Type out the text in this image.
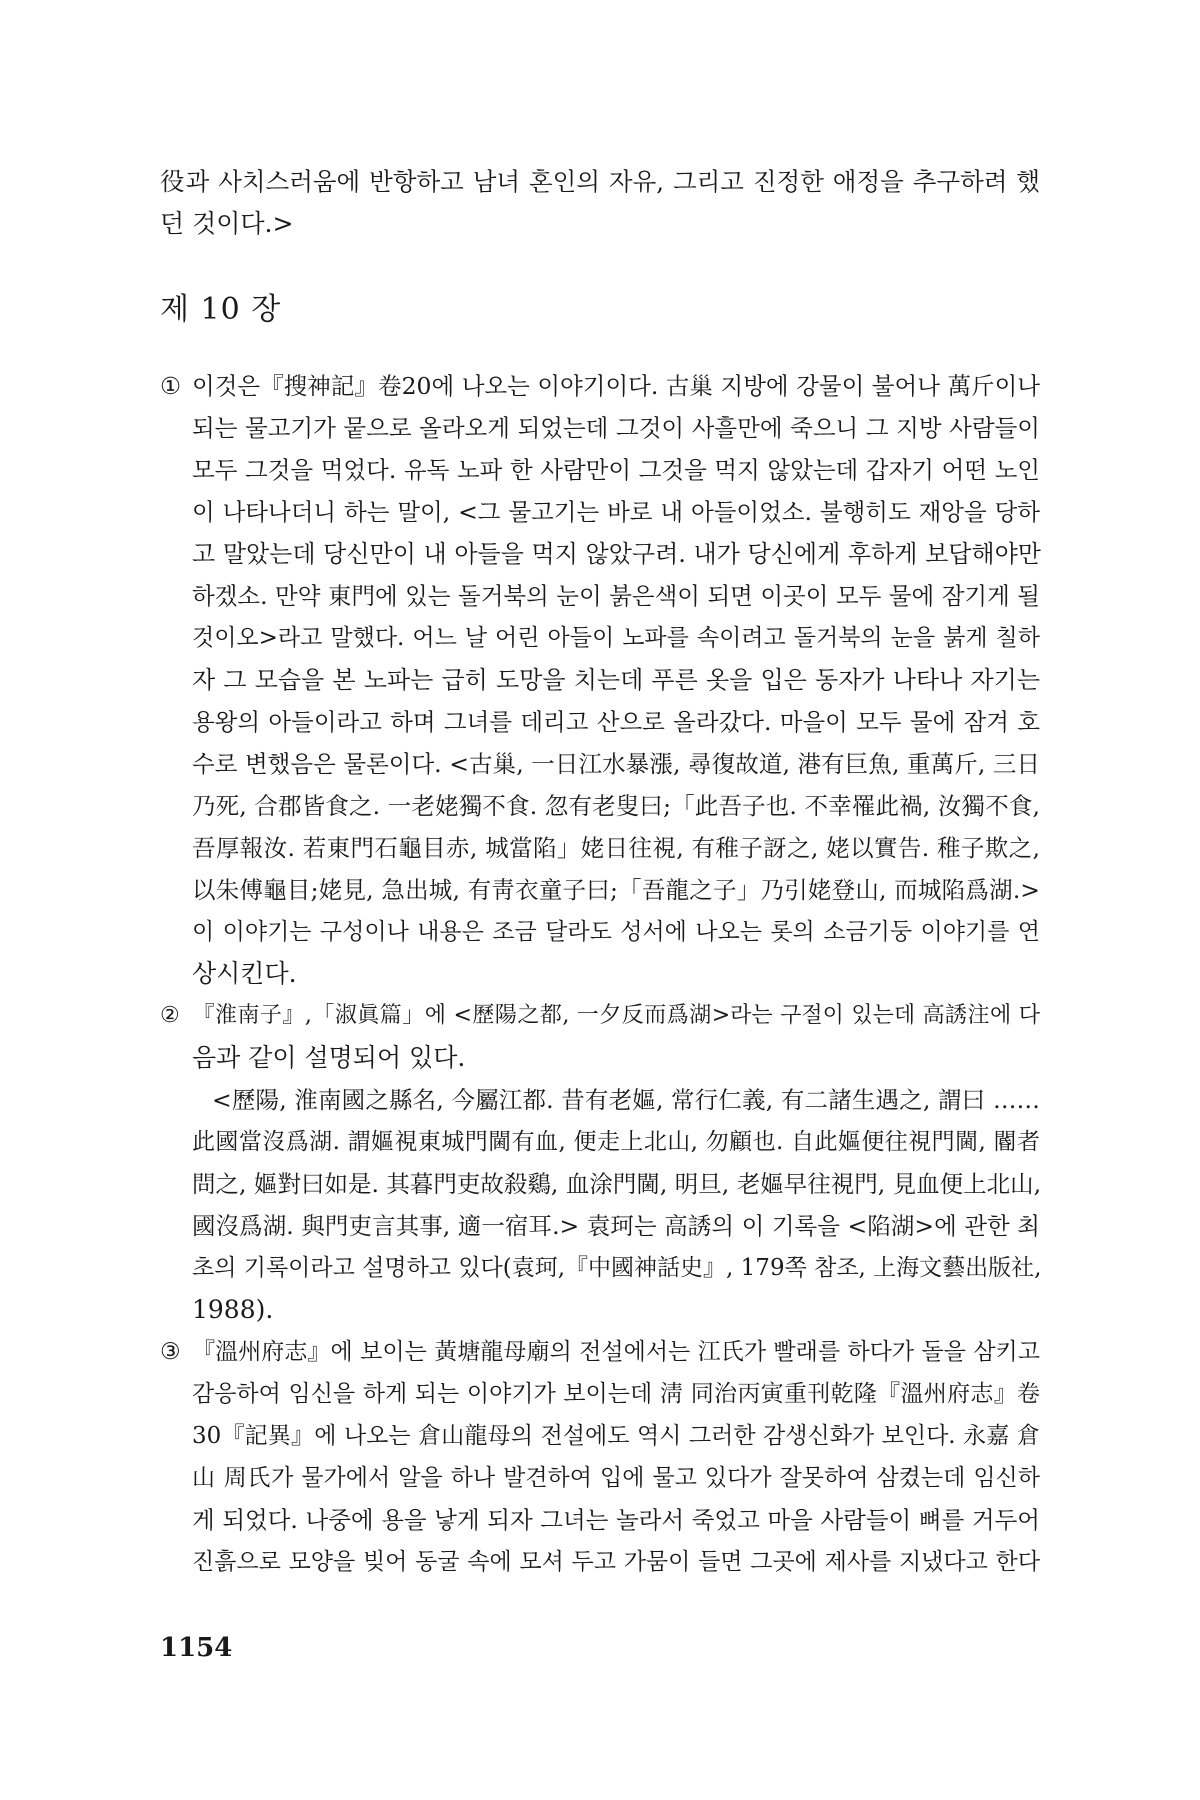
役과 사치스러움에 반항하고 남녀 혼인의 자유, 그리고 진정한 애정을 추구하려 했
던 것이다.>
제 10 장
① 이것은『搜神記』卷20에 나오는 이야기이다. 古巢 지방에 강물이 불어나 萬斤이나
되는 물고기가 뭍으로 올라오게 되었는데 그것이 사흘만에 죽으니 그 지방 사람들이
모두 그것을 먹었다. 유독 노파 한 사람만이 그것을 먹지 않았는데 갑자기 어떤 노인
이 나타나더니 하는 말이, <그 물고기는 바로 내 아들이었소. 불행히도 재앙을 당하
고 말았는데 당신만이 내 아들을 먹지 않았구려. 내가 당신에게 후하게 보답해야만
하겠소. 만약 東門에 있는 돌거북의 눈이 붉은색이 되면 이곳이 모두 물에 잠기게 될
것이오>라고 말했다. 어느 날 어린 아들이 노파를 속이려고 돌거북의 눈을 붉게 칠하
자 그 모습을 본 노파는 급히 도망을 치는데 푸른 옷을 입은 동자가 나타나 자기는
용왕의 아들이라고 하며 그녀를 데리고 산으로 올라갔다. 마을이 모두 물에 잠겨 호
수로 변했음은 물론이다. <古巢, 一日江水暴漲, 尋復故道, 港有巨魚, 重萬斤, 三日
乃死, 合郡皆食之. 一老姥獨不食. 忽有老叟曰;「此吾子也. 不幸罹此禍, 汝獨不食,
吾厚報汝. 若東門石龜目赤, 城當陷」姥日往視, 有稚子訝之, 姥以實告. 稚子欺之,
以朱傅龜目;姥見, 急出城, 有靑衣童子曰;「吾龍之子」乃引姥登山, 而城陷爲湖.>
이 이야기는 구성이나 내용은 조금 달라도 성서에 나오는 롯의 소금기둥 이야기를 연
상시킨다.
② 『淮南子』,「淑眞篇」에 <歷陽之都, 一夕反而爲湖>라는 구절이 있는데 高誘注에 다
음과 같이 설명되어 있다.
<歷陽, 淮南國之縣名, 今屬江都. 昔有老嫗, 常行仁義, 有二諸生遇之, 謂曰 ……
此國當沒爲湖. 謂嫗視東城門閫有血, 便走上北山, 勿顧也. 自此嫗便往視門閫, 閽者
問之, 嫗對曰如是. 其暮門吏故殺鷄, 血涂門閫, 明旦, 老嫗早往視門, 見血便上北山,
國沒爲湖. 與門吏言其事, 適一宿耳.> 袁珂는 高誘의 이 기록을 <陷湖>에 관한 최
초의 기록이라고 설명하고 있다(袁珂,『中國神話史』, 179쪽 참조, 上海文藝出版社,
1988).
③ 『溫州府志』에 보이는 黃塘龍母廟의 전설에서는 江氏가 빨래를 하다가 돌을 삼키고
감응하여 임신을 하게 되는 이야기가 보이는데 淸 同治丙寅重刊乾隆『溫州府志』卷
30『記異』에 나오는 倉山龍母의 전설에도 역시 그러한 감생신화가 보인다. 永嘉 倉
山 周氏가 물가에서 알을 하나 발견하여 입에 물고 있다가 잘못하여 삼켰는데 임신하
게 되었다. 나중에 용을 낳게 되자 그녀는 놀라서 죽었고 마을 사람들이 뼈를 거두어
진흙으로 모양을 빚어 동굴 속에 모셔 두고 가뭄이 들면 그곳에 제사를 지냈다고 한다
1154
